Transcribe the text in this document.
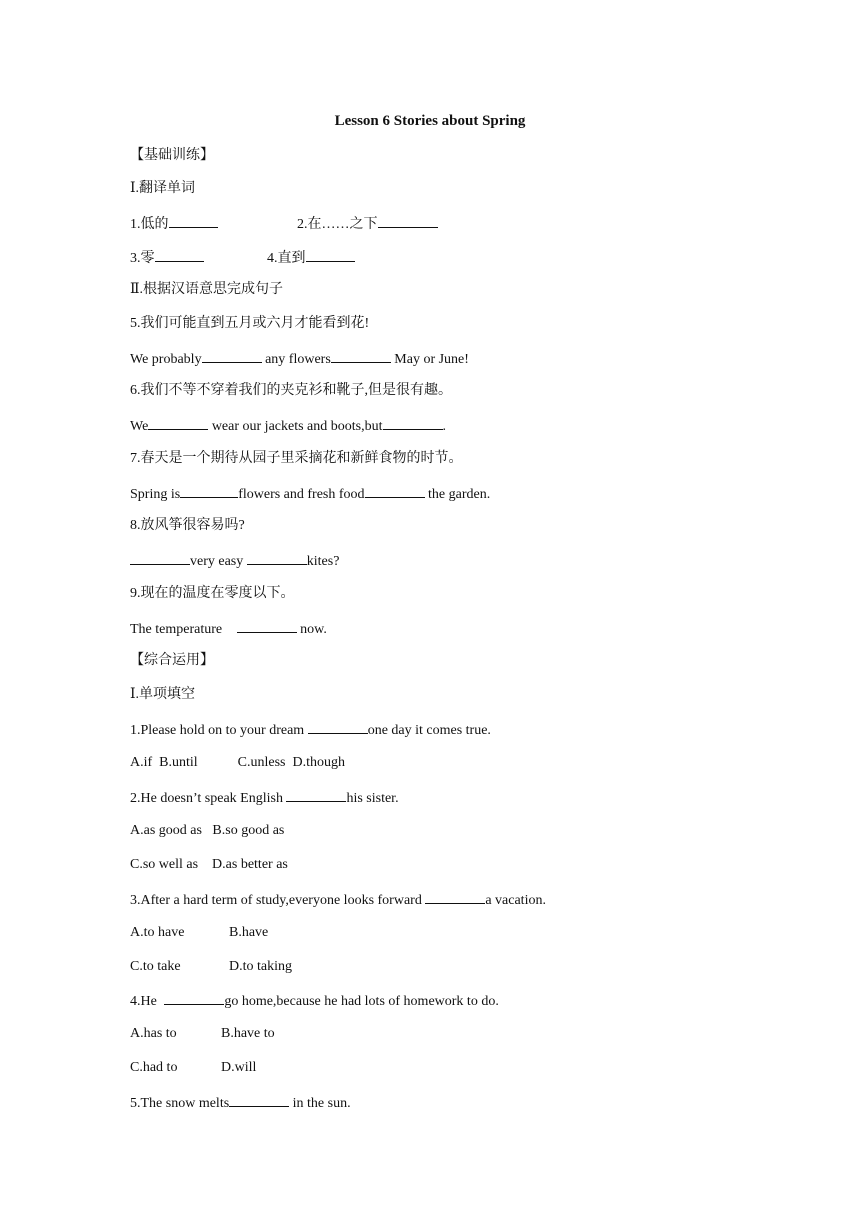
Lesson 6 Stories about Spring
【基础训练】
Ⅰ.翻译单词
1.低的	2.在……之下
3.零	4.直到
Ⅱ.根据汉语意思完成句子
5.我们可能直到五月或六月才能看到花!
We probably	any flowers	May or June!
6.我们不等不穿着我们的夹克衫和靴子,但是很有趣。
We	wear our jackets and boots,but	.
7.春天是一个期待从园子里采摘花和新鲜食物的时节。
Spring is	flowers and fresh food	the garden.
8.放风筝很容易吗?
very easy	kites?
9.现在的温度在零度以下。
The temperature	now.
【综合运用】
Ⅰ.单项填空
1.Please hold on to your dream	one day it comes true.
A.if  B.until	C.unless  D.though
2.He doesn’t speak English	his sister.
A.as good as   B.so good as
C.so well as    D.as better as
3.After a hard term of study,everyone looks forward	a vacation.
A.to have	B.have
C.to take	D.to taking
4.He	go home,because he had lots of homework to do.
A.has to	B.have to
C.had to	D.will
5.The snow melts	in the sun.
